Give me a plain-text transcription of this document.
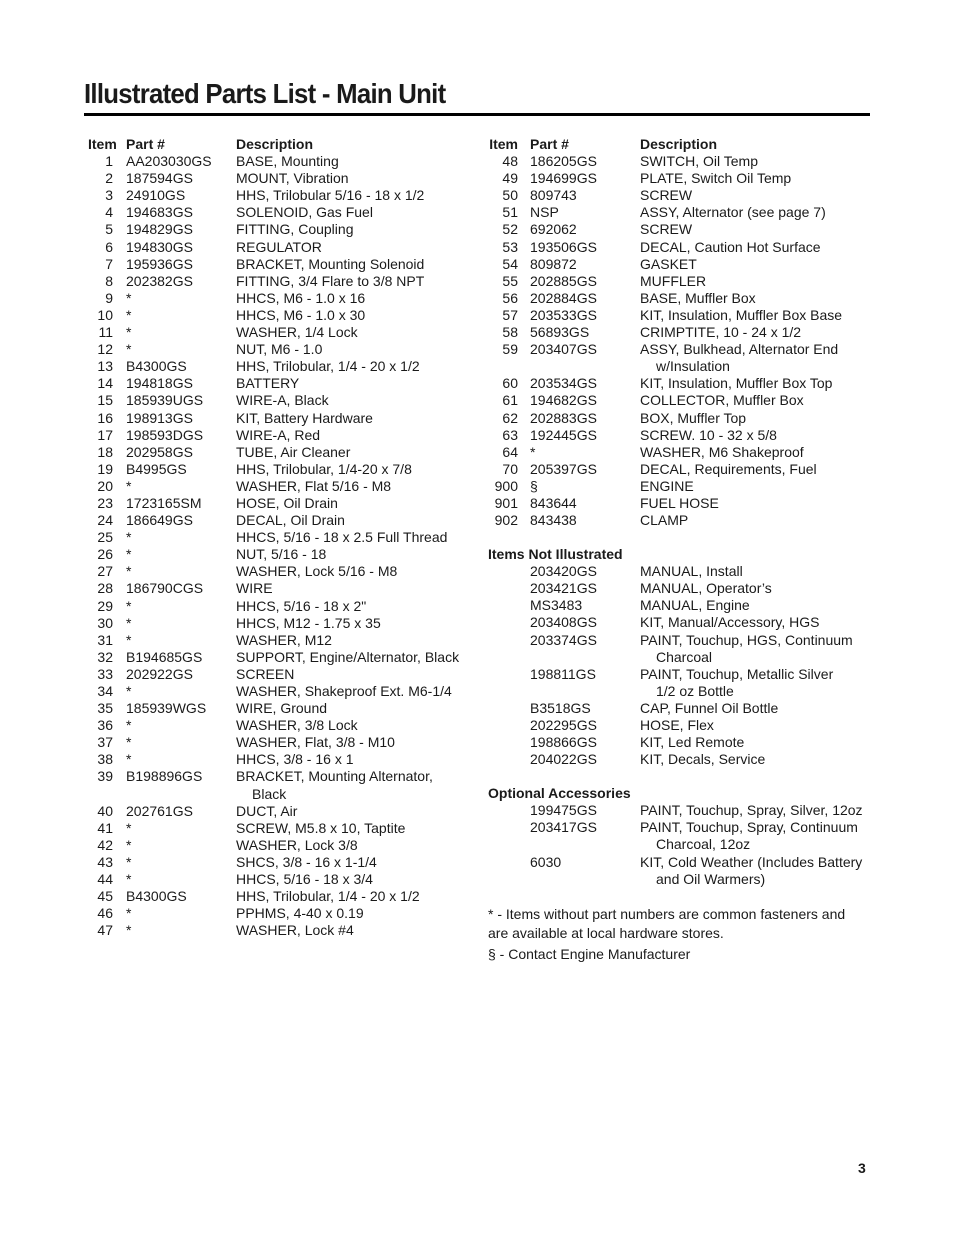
Illustrated Parts List - Main Unit
Item Part #	Description
1 AA203030GS BASE, Mounting
2 187594GS	MOUNT, Vibration
3 24910GS	HHS, Trilobular 5/16 - 18 x 1/2
4 194683GS	SOLENOID, Gas Fuel
5 194829GS	FITTING, Coupling
6 194830GS	REGULATOR
7 195936GS	BRACKET, Mounting Solenoid
8 202382GS	FITTING, 3/4 Flare to 3/8 NPT
9 *	HHCS, M6 - 1.0 x 16
10 *	HHCS, M6 - 1.0 x 30
11 *	WASHER, 1/4 Lock
12 *	NUT, M6 - 1.0
13 B4300GS	HHS, Trilobular, 1/4 - 20 x 1/2
14 194818GS	BATTERY
15 185939UGS WIRE-A, Black
16 198913GS	KIT, Battery Hardware
17 198593DGS WIRE-A, Red
18 202958GS	TUBE, Air Cleaner
19 B4995GS	HHS, Trilobular, 1/4-20 x 7/8
20 *	WASHER, Flat 5/16 - M8
23 1723165SM HOSE, Oil Drain
24 186649GS	DECAL, Oil Drain
25 *	HHCS, 5/16 - 18 x 2.5 Full Thread
26 *	NUT, 5/16 - 18
27 *	WASHER, Lock 5/16 - M8
28 186790CGS WIRE
29 *	HHCS, 5/16 - 18 x 2"
30 *	HHCS, M12 - 1.75 x 35
31 *	WASHER, M12
32 B194685GS SUPPORT, Engine/Alternator, Black
33 202922GS	SCREEN
34 *	WASHER, Shakeproof Ext. M6-1/4
35 185939WGS WIRE, Ground
36 *	WASHER, 3/8 Lock
37 *	WASHER, Flat, 3/8 - M10
38 *	HHCS, 3/8 - 16 x 1
39 B198896GS BRACKET, Mounting Alternator,
Black
40 202761GS	DUCT, Air
41 *	SCREW, M5.8 x 10, Taptite
42 *	WASHER, Lock 3/8
43 *	SHCS, 3/8 - 16 x 1-1/4
44 *	HHCS, 5/16 - 18 x 3/4
45 B4300GS	HHS, Trilobular, 1/4 - 20 x 1/2
46 *	PPHMS, 4-40 x 0.19
47 *	WASHER, Lock #4
Item Part #	Description
48 186205GS	SWITCH, Oil Temp
49 194699GS	PLATE, Switch Oil Temp
50 809743	SCREW
51 NSP	ASSY, Alternator (see page 7)
52 692062	SCREW
53 193506GS	DECAL, Caution Hot Surface
54 809872	GASKET
55 202885GS	MUFFLER
56 202884GS	BASE, Muffler Box
57 203533GS	KIT, Insulation, Muffler Box Base
58 56893GS	CRIMPTITE, 10 - 24 x 1/2
59 203407GS	ASSY, Bulkhead, Alternator End
w/Insulation
60 203534GS	KIT, Insulation, Muffler Box Top
61 194682GS	COLLECTOR, Muffler Box
62 202883GS	BOX, Muffler Top
63 192445GS	SCREW. 10 - 32 x 5/8
64 *	WASHER, M6 Shakeproof
70 205397GS	DECAL, Requirements, Fuel
900 §	ENGINE
901 843644	FUEL HOSE
902 843438	CLAMP
Items Not Illustrated
203420GS	MANUAL, Install
203421GS	MANUAL, Operator’s
MS3483	MANUAL, Engine
203408GS	KIT, Manual/Accessory, HGS
203374GS	PAINT, Touchup, HGS, Continuum
Charcoal
198811GS	PAINT, Touchup, Metallic Silver
1/2 oz Bottle
B3518GS	CAP, Funnel Oil Bottle
202295GS	HOSE, Flex
198866GS	KIT, Led Remote
204022GS	KIT, Decals, Service
Optional Accessories
199475GS	PAINT, Touchup, Spray, Silver, 12oz
203417GS	PAINT, Touchup, Spray, Continuum
Charcoal, 12oz
6030	KIT, Cold Weather (Includes Battery
and Oil Warmers)
* - Items without part numbers are common fasteners and are available at local hardware stores.
§ - Contact Engine Manufacturer
3
